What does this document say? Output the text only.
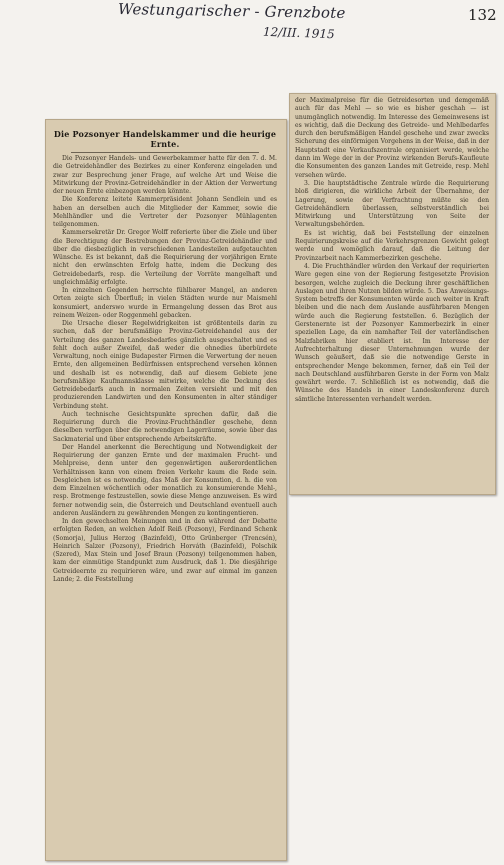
Westungarischer - Grenzbote
12/III. 1915
132
Die Pozsonyer Handelskammer und die heurige Ernte.

Die Pozsonyer Handels- und Gewerbekammer hatte für den 7. d. M. die Getreidehändler des Bezirkes zu einer Konferenz eingeladen und zwar zur Besprechung jener Frage, auf welche Art und Weise die Mitwirkung der Provinz-Getreidehändler in der Aktion der Verwertung der neuen Ernte einbezogen werden könnte.

Die Konferenz leitete Kammerpräsident Johann Sendlein und es haben an derselben auch die Mitglieder der Kammer, sowie die Mehlhändler und die Vertreter der Pozsonyer Mühlagenten teilgenommen.

Kammersekretär Dr. Gregor Wolff referierte über die Ziele und über die Berechtigung der Bestrebungen der Provinz-Getreidehändler und über die diesbezüglich in verschiedenen Landesteilen aufgetauchten Wünsche. Es ist bekannt, daß die Requirierung der vorjährigen Ernte nicht den erwünschten Erfolg hatte, indem die Deckung des Getreidebedarfs, resp. die Verteilung der Vorräte mangelhaft und ungleichmäßig erfolgte.

In einzelnen Gegenden herrschte fühlbarer Mangel, an anderen Orten zeigte sich Überfluß; in vielen Städten wurde nur Maismehl konsumiert, anderswo wurde in Ermangelung dessen das Brot aus reinem Weizen- oder Roggenmehl gebacken.

Die Ursache dieser Regelwidrigkeiten ist größtenteils darin zu suchen, daß der berufsmäßige Provinz-Getreidehandel aus der Verteilung des ganzen Landesbedarfes gänzlich ausgeschaltet und es fehlt doch außer Zweifel, daß weder die ohnedies überbürdete Verwaltung, noch einige Budapester Firmen die Verwertung der neuen Ernte, den allgemeinen Bedürfnissen entsprechend versehen können und deshalb ist es notwendig, daß auf diesem Gebiete jene berufsmäßige Kaufmannsklasse mitwirke, welche die Deckung des Getreidebedarfs auch in normalen Zeiten versieht und mit den produzierenden Landwirten und den Konsumenten in alter ständiger Verbindung steht.

Auch technische Gesichtspunkte sprechen dafür, daß die Requirierung durch die Provinz-Fruchthändler geschehe, denn dieselben verfügen über die notwendigen Lagerräume, sowie über das Sackmaterial und über entsprechende Arbeitskräfte.

Der Handel anerkennt die Berechtigung und Notwendigkeit der Requirierung der ganzen Ernte und der maximalen Frucht- und Mehlpreise, denn unter den gegenwärtigen außerordentlichen Verhältnissen kann von einem freien Verkehr kaum die Rede sein. Desgleichen ist es notwendig, das Maß der Konsumtion, d. h. die von dem Einzelnen wöchentlich oder monatlich zu konsumierende Mehl-, resp. Brotmenge festzustellen, sowie diese Menge anzuweisen. Es wird ferner notwendig sein, die Österreich und Deutschland eventuell auch anderen Ausländern zu gewährenden Mengen zu kontingentieren.

In den gewechselten Meinungen und in den während der Debatte erfolgten Reden, an welchen Adolf Reiß (Pozsony), Ferdinand Schenk (Somorja), Julius Herzog (Bazinfeld), Otto Grünberger (Trencsén), Heinrich Salzer (Pozsony), Friedrich Horváth (Bazinfeld), Polschik (Szered), Max Stein und Josef Braun (Pozsony) teilgenommen haben, kam der einmütige Standpunkt zum Ausdruck, daß 1. Die diesjährige Getreideernte zu requirieren wäre, und zwar auf einmal im ganzen Lande; 2. die Feststellung

der Maximalpreise für die Getreidesorten und demgemäß auch für das Mehl — so wie es bisher geschah — ist unumgänglich notwendig. Im Interesse des Gemeinwesens ist es wichtig, daß die Deckung des Getreide- und Mehlbedarfes durch den berufsmäßigen Handel geschehe und zwar zwecks Sicherung des einförmigen Vorgehens in der Weise, daß in der Hauptstadt eine Verkaufszentrale organisiert werde, welche dann im Wege der in der Provinz wirkenden Berufs-Kaufleute die Konsumenten des ganzen Landes mit Getreide, resp. Mehl versehen würde.

3. Die hauptstädtische Zentrale würde die Requirierung bloß dirigieren, die wirkliche Arbeit der Übernahme, der Lagerung, sowie der Verfrachtung müßte sie den Getreidehändlern überlassen, selbstverständlich bei Mitwirkung und Unterstützung von Seite der Verwaltungsbehörden.

Es ist wichtig, daß bei Feststellung der einzelnen Requirierungskreise auf die Verkehrsgrenzen Gewicht gelegt werde und womöglich darauf, daß die Leitung der Provinzarbeit nach Kammerbezirken geschehe.

4. Die Fruchthändler würden den Verkauf der requirierten Ware gegen eine von der Regierung festgesetzte Provision besorgen, welche zugleich die Deckung ihrer geschäftlichen Auslagen und ihren Nutzen bilden würde. 5. Das Anweisungs-System betreffs der Konsumenten würde auch weiter in Kraft bleiben und die nach dem Auslande ausführbaren Mengen würde auch die Regierung feststellen. 6. Bezüglich der Gerstenernte ist der Pozsonyer Kammerbezirk in einer speziellen Lage, da ein namhafter Teil der vaterländischen Malzfabriken hier etabliert ist. Im Interesse der Aufrechterhaltung dieser Unternehmungen wurde der Wunsch geäußert, daß sie die notwendige Gerste in entsprechender Menge bekommen, ferner, daß ein Teil der nach Deutschland ausführbaren Gerste in der Form von Malz gewährt werde. 7. Schließlich ist es notwendig, daß die Wünsche des Handels in einer Landeskonferenz durch sämtliche Interessenten verhandelt werden.
